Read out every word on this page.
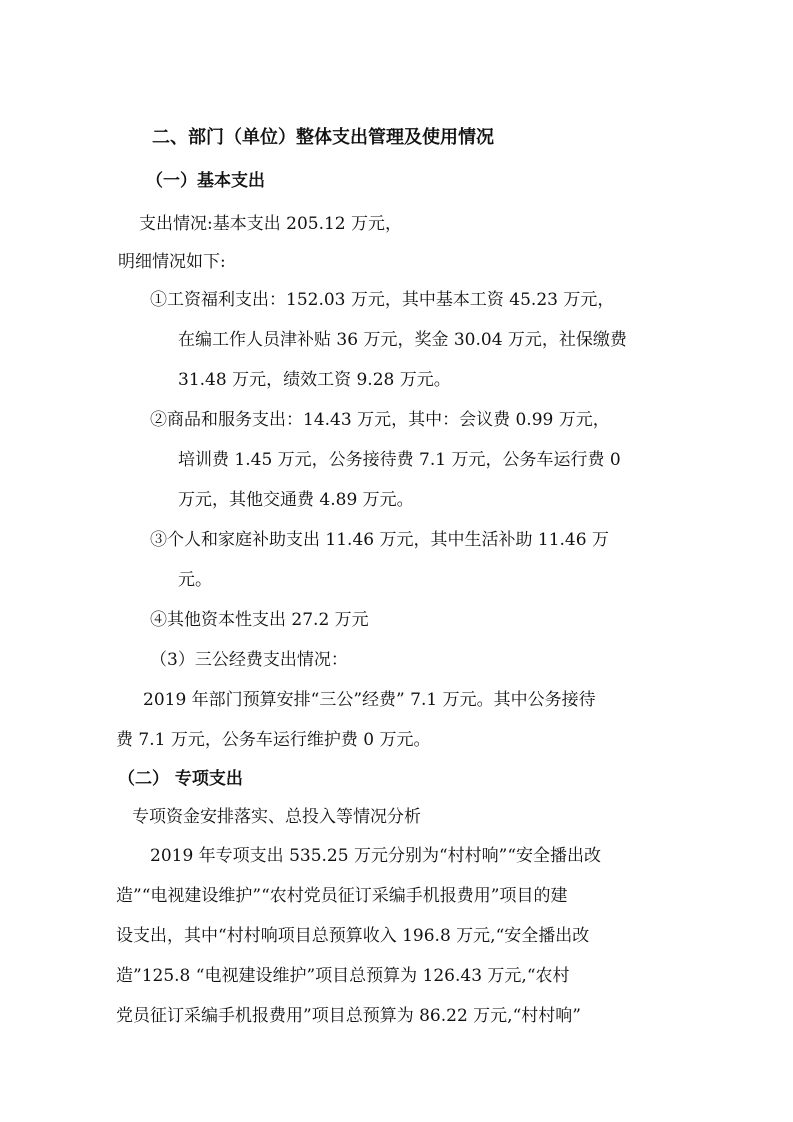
二、部门（单位）整体支出管理及使用情况
（一）基本支出
支出情况:基本支出 205.12 万元，
明细情况如下:
①工资福利支出：152.03 万元，其中基本工资 45.23 万元，
在编工作人员津补贴 36 万元，奖金 30.04 万元，社保缴费
31.48 万元，绩效工资 9.28 万元。
②商品和服务支出：14.43 万元，其中：会议费 0.99 万元，
培训费 1.45 万元，公务接待费 7.1 万元，公务车运行费 0
万元，其他交通费 4.89 万元。
③个人和家庭补助支出 11.46 万元，其中生活补助 11.46 万
元。
④其他资本性支出 27.2 万元
（3）三公经费支出情况：
2019 年部门预算安排“三公”经费” 7.1 万元。其中公务接待
费 7.1 万元，公务车运行维护费 0 万元。
（二） 专项支出
专项资金安排落实、总投入等情况分析
2019 年专项支出 535.25 万元分别为“村村响”“安全播出改
造”“电视建设维护”“农村党员征订采编手机报费用”项目的建
设支出，其中“村村响项目总预算收入 196.8 万元,“安全播出改
造”125.8 “电视建设维护”项目总预算为 126.43 万元,“农村
党员征订采编手机报费用”项目总预算为 86.22 万元,“村村响”
